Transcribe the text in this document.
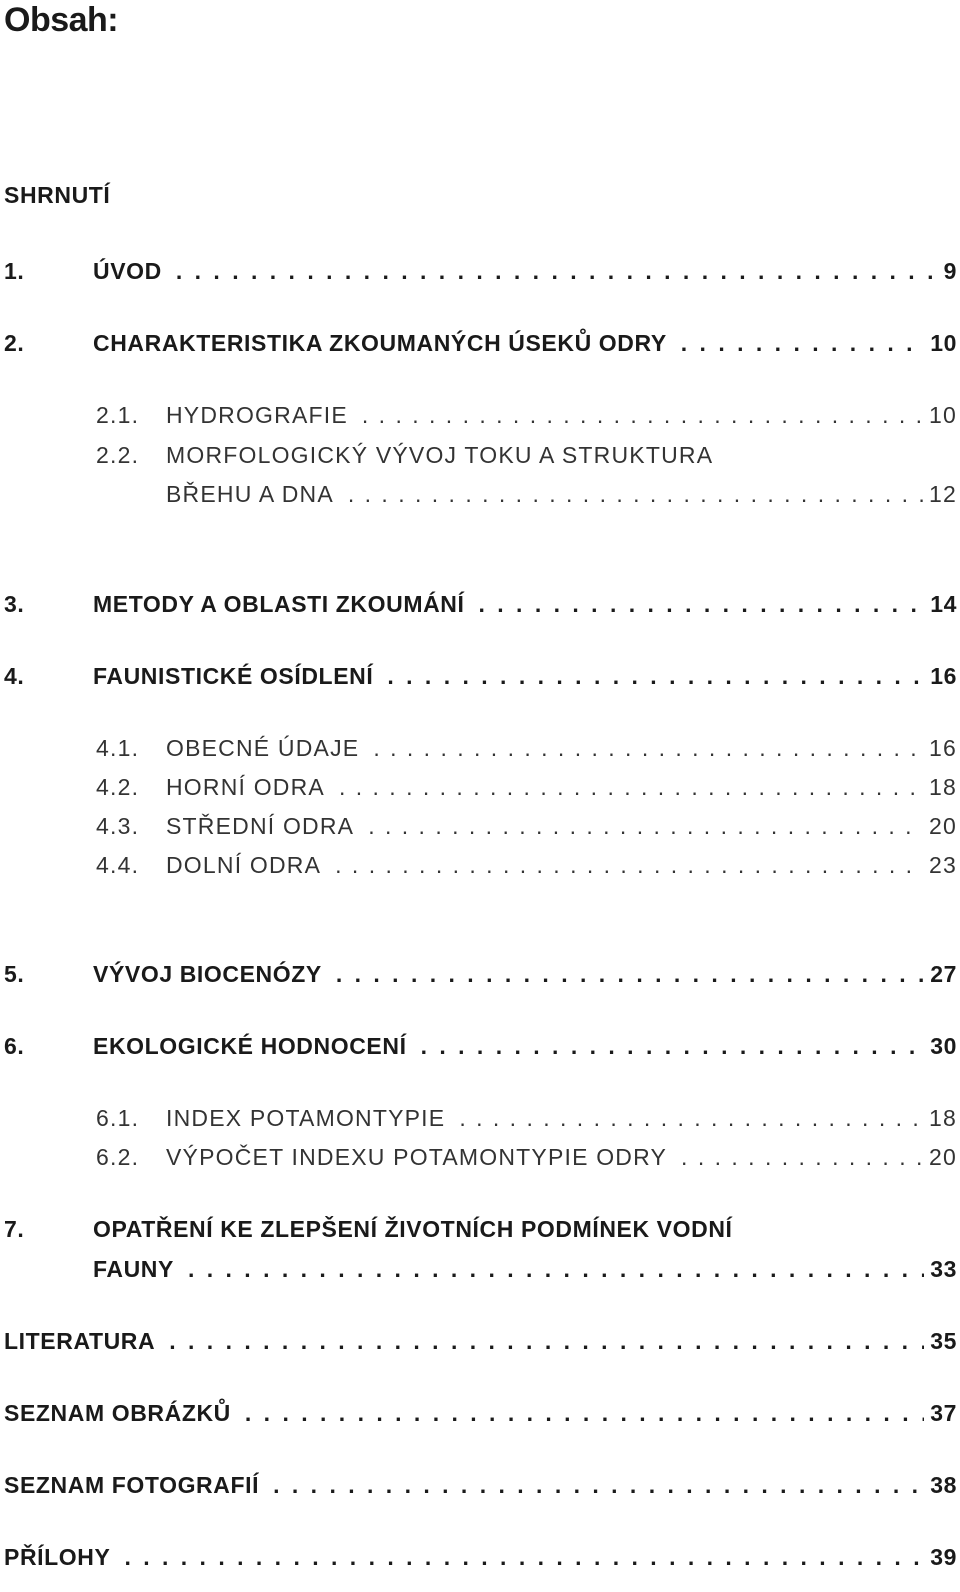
Obsah:
SHRNUTÍ
1.	ÚVOD . . .	9
2.	CHARAKTERISTIKA ZKOUMANÝCH ÚSEKŮ ODRY . . .	10
2.1.	HYDROGRAFIE . . .	10
2.2.	MORFOLOGICKÝ VÝVOJ TOKU A STRUKTURA
BŘEHU A DNA . . .	12
3.	METODY A OBLASTI ZKOUMÁNÍ . . .	14
4.	FAUNISTICKÉ OSÍDLENÍ . . .	16
4.1.	OBECNÉ ÚDAJE . . .	16
4.2.	HORNÍ ODRA . . .	18
4.3.	STŘEDNÍ ODRA . . .	20
4.4.	DOLNÍ ODRA . . .	23
5.	VÝVOJ BIOCENÓZY . . .	27
6.	EKOLOGICKÉ HODNOCENÍ . . .	30
6.1.	INDEX POTAMONTYPIE . . .	18
6.2.	VÝPOČET INDEXU POTAMONTYPIE ODRY . . .	20
7.	OPATŘENÍ KE ZLEPŠENÍ ŽIVOTNÍCH PODMÍNEK VODNÍ
FAUNY . . .	33
LITERATURA . . .	35
SEZNAM OBRÁZKŮ . . .	37
SEZNAM FOTOGRAFIÍ . . .	38
PŘÍLOHY . . .	39
